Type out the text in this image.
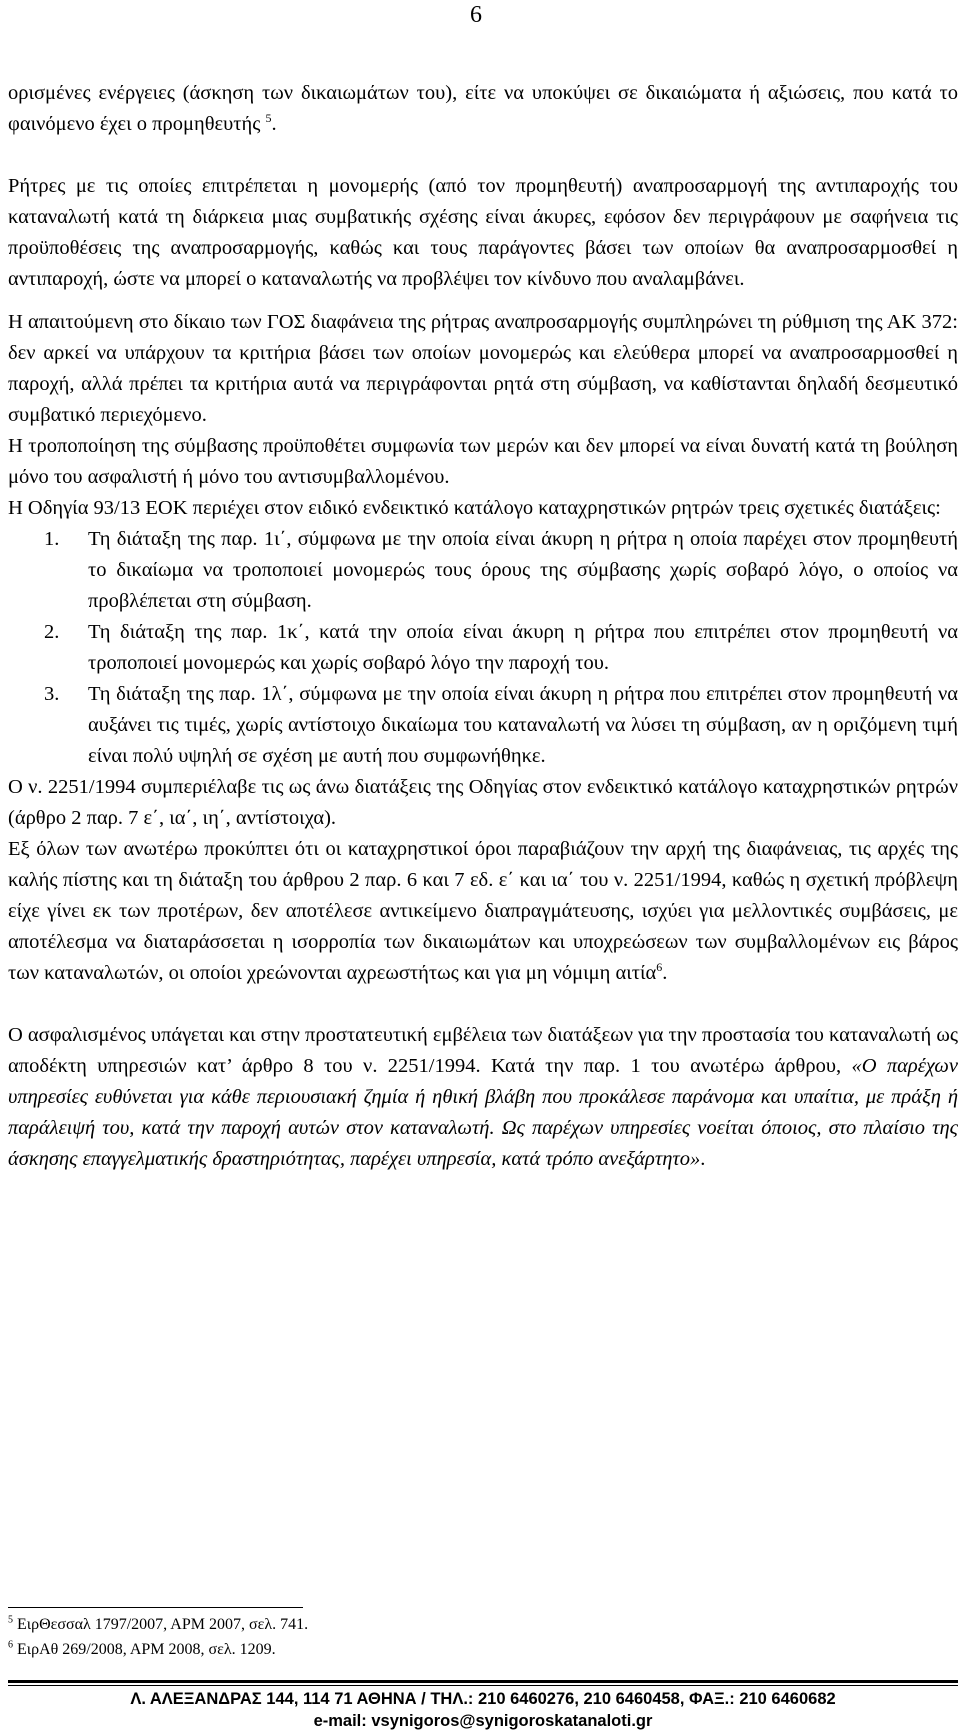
6

ορισμένες ενέργειες (άσκηση των δικαιωμάτων του), είτε να υποκύψει σε δικαιώματα ή αξιώσεις, που κατά το φαινόμενο έχει ο προμηθευτής $^5$.

Ρήτρες με τις οποίες επιτρέπεται η μονομερής (από τον προμηθευτή) αναπροσαρμογή της αντιπαροχής του καταναλωτή κατά τη διάρκεια μιας συμβατικής σχέσης είναι άκυρες, εφόσον δεν περιγράφουν με σαφήνεια τις προϋποθέσεις της αναπροσαρμογής, καθώς και τους παράγοντες βάσει των οποίων θα αναπροσαρμοσθεί η αντιπαροχή, ώστε να μπορεί ο καταναλωτής να προβλέψει τον κίνδυνο που αναλαμβάνει.

Η απαιτούμενη στο δίκαιο των ΓΟΣ διαφάνεια της ρήτρας αναπροσαρμογής συμπληρώνει τη ρύθμιση της ΑΚ 372: δεν αρκεί να υπάρχουν τα κριτήρια βάσει των οποίων μονομερώς και ελεύθερα μπορεί να αναπροσαρμοσθεί η παροχή, αλλά πρέπει τα κριτήρια αυτά να περιγράφονται ρητά στη σύμβαση, να καθίστανται δηλαδή δεσμευτικό συμβατικό περιεχόμενο.

Η τροποποίηση της σύμβασης προϋποθέτει συμφωνία των μερών και δεν μπορεί να είναι δυνατή κατά τη βούληση μόνο του ασφαλιστή ή μόνο του αντισυμβαλλομένου.

Η Οδηγία 93/13 ΕΟΚ περιέχει στον ειδικό ενδεικτικό κατάλογο καταχρηστικών ρητρών τρεις σχετικές διατάξεις:

1. Τη διάταξη της παρ. 1ι΄, σύμφωνα με την οποία είναι άκυρη η ρήτρα η οποία παρέχει στον προμηθευτή το δικαίωμα να τροποποιεί μονομερώς τους όρους της σύμβασης χωρίς σοβαρό λόγο, ο οποίος να προβλέπεται στη σύμβαση.
2. Τη διάταξη της παρ. 1κ΄, κατά την οποία είναι άκυρη η ρήτρα που επιτρέπει στον προμηθευτή να τροποποιεί μονομερώς και χωρίς σοβαρό λόγο την παροχή του.
3. Τη διάταξη της παρ. 1λ΄, σύμφωνα με την οποία είναι άκυρη η ρήτρα που επιτρέπει στον προμηθευτή να αυξάνει τις τιμές, χωρίς αντίστοιχο δικαίωμα του καταναλωτή να λύσει τη σύμβαση, αν η οριζόμενη τιμή είναι πολύ υψηλή σε σχέση με αυτή που συμφωνήθηκε.

Ο ν. 2251/1994 συμπεριέλαβε τις ως άνω διατάξεις της Οδηγίας στον ενδεικτικό κατάλογο καταχρηστικών ρητρών (άρθρο 2 παρ. 7 ε΄, ια΄, ιη΄, αντίστοιχα).

Εξ όλων των ανωτέρω προκύπτει ότι οι καταχρηστικοί όροι παραβιάζουν την αρχή της διαφάνειας, τις αρχές της καλής πίστης και τη διάταξη του άρθρου 2 παρ. 6 και 7 εδ. ε΄ και ια΄ του ν. 2251/1994, καθώς η σχετική πρόβλεψη είχε γίνει εκ των προτέρων, δεν αποτέλεσε αντικείμενο διαπραγμάτευσης, ισχύει για μελλοντικές συμβάσεις, με αποτέλεσμα να διαταράσσεται η ισορροπία των δικαιωμάτων και υποχρεώσεων των συμβαλλομένων εις βάρος των καταναλωτών, οι οποίοι χρεώνονται αχρεωστήτως και για μη νόμιμη αιτία$^6$.

Ο ασφαλισμένος υπάγεται και στην προστατευτική εμβέλεια των διατάξεων για την προστασία του καταναλωτή ως αποδέκτη υπηρεσιών κατ’ άρθρο 8 του ν. 2251/1994. Κατά την παρ. 1 του ανωτέρω άρθρου, «Ο παρέχων υπηρεσίες ευθύνεται για κάθε περιουσιακή ζημία ή ηθική βλάβη που προκάλεσε παράνομα και υπαίτια, με πράξη ή παράλειψή του, κατά την παροχή αυτών στον καταναλωτή. Ως παρέχων υπηρεσίες νοείται όποιος, στο πλαίσιο της άσκησης επαγγελματικής δραστηριότητας, παρέχει υπηρεσία, κατά τρόπο ανεξάρτητο».

$^5$ ΕιρΘεσσαλ 1797/2007, ΑΡΜ 2007, σελ. 741.
$^6$ ΕιρΑθ 269/2008, ΑΡΜ 2008, σελ. 1209.
Λ. ΑΛΕΞΑΝΔΡΑΣ 144, 114 71 ΑΘΗΝΑ / ΤΗΛ.: 210 6460276, 210 6460458, ΦΑΞ.: 210 6460682
e-mail: vsynigoros@synigoroskatanaloti.gr
